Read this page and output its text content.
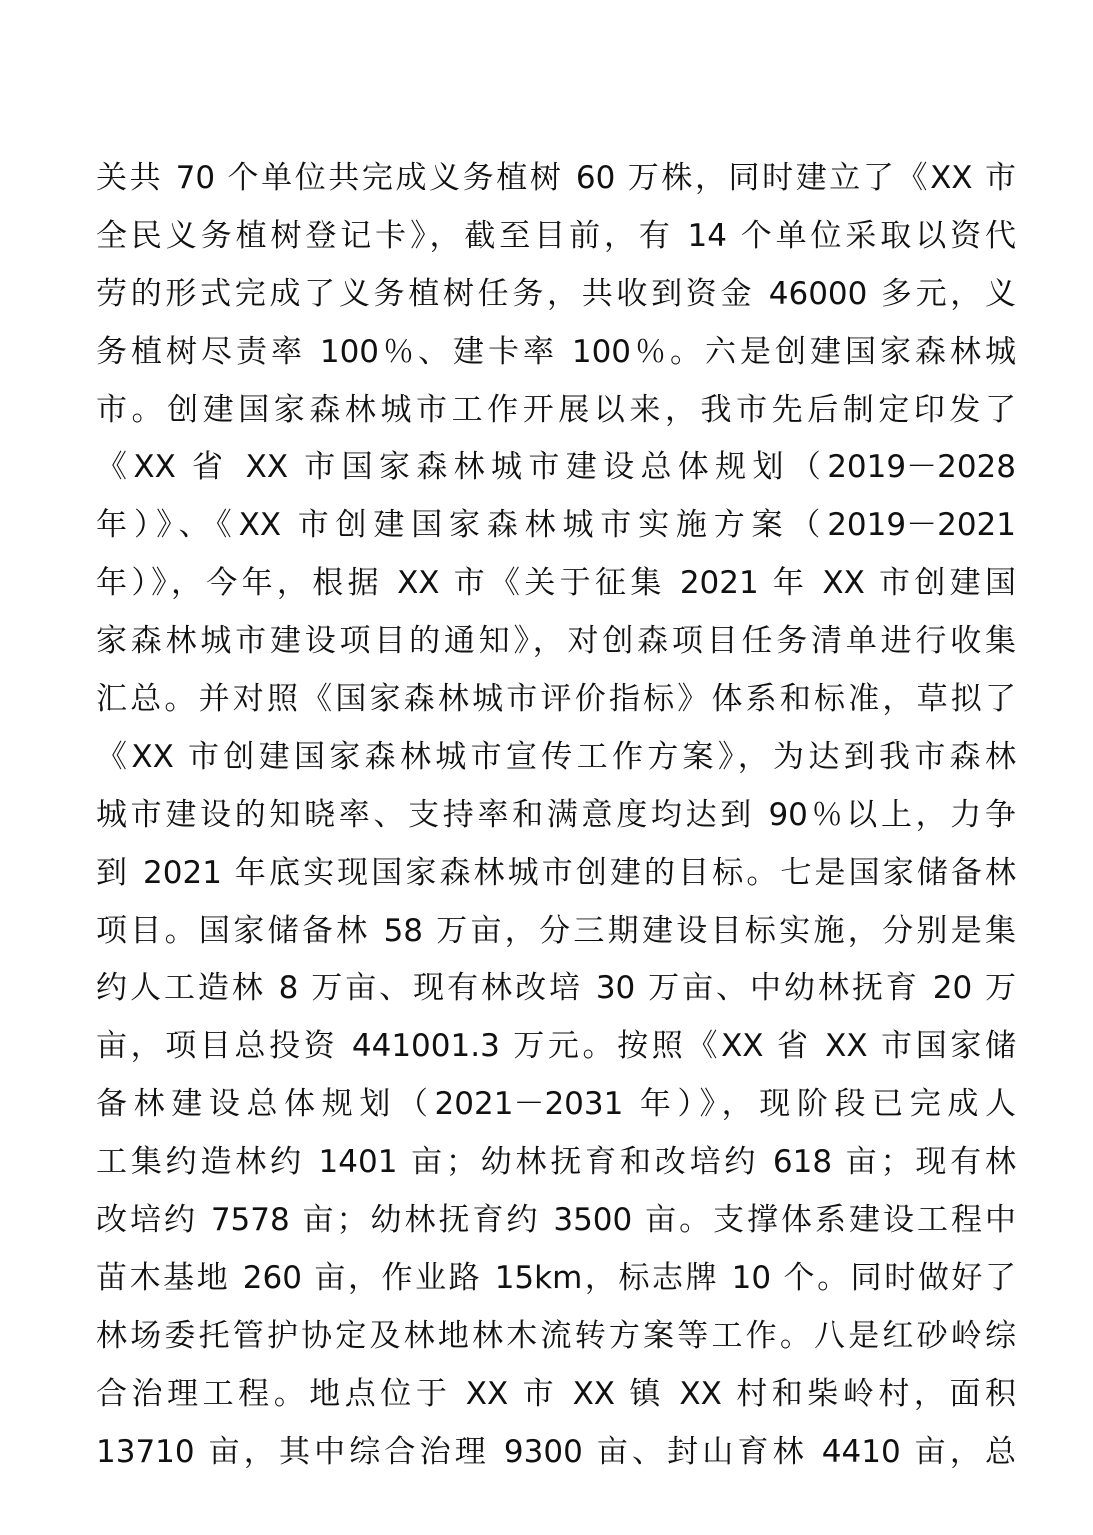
关共 70 个单位共完成义务植树 60 万株，同时建立了《XX 市
全民义务植树登记卡》，截至目前，有 14 个单位采取以资代
劳的形式完成了义务植树任务，共收到资金 46000 多元，义
务植树尽责率 100％、建卡率 100％。六是创建国家森林城
市。创建国家森林城市工作开展以来，我市先后制定印发了
《XX 省 XX 市国家森林城市建设总体规划（2019－2028
年）》、《XX 市创建国家森林城市实施方案（2019－2021
年）》，今年，根据 XX 市《关于征集 2021 年 XX 市创建国
家森林城市建设项目的通知》，对创森项目任务清单进行收集
汇总。并对照《国家森林城市评价指标》体系和标准，草拟了
《XX 市创建国家森林城市宣传工作方案》，为达到我市森林
城市建设的知晓率、支持率和满意度均达到 90％以上，力争
到 2021 年底实现国家森林城市创建的目标。七是国家储备林
项目。国家储备林 58 万亩，分三期建设目标实施，分别是集
约人工造林 8 万亩、现有林改培 30 万亩、中幼林抚育 20 万
亩，项目总投资 441001.3 万元。按照《XX 省 XX 市国家储
备林建设总体规划（2021－2031 年）》，现阶段已完成人
工集约造林约 1401 亩；幼林抚育和改培约 618 亩；现有林
改培约 7578 亩；幼林抚育约 3500 亩。支撑体系建设工程中
苗木基地 260 亩，作业路 15km，标志牌 10 个。同时做好了
林场委托管护协定及林地林木流转方案等工作。八是红砂岭综
合治理工程。地点位于 XX 市 XX 镇 XX 村和柴岭村，面积
13710 亩，其中综合治理 9300 亩、封山育林 4410 亩，总
